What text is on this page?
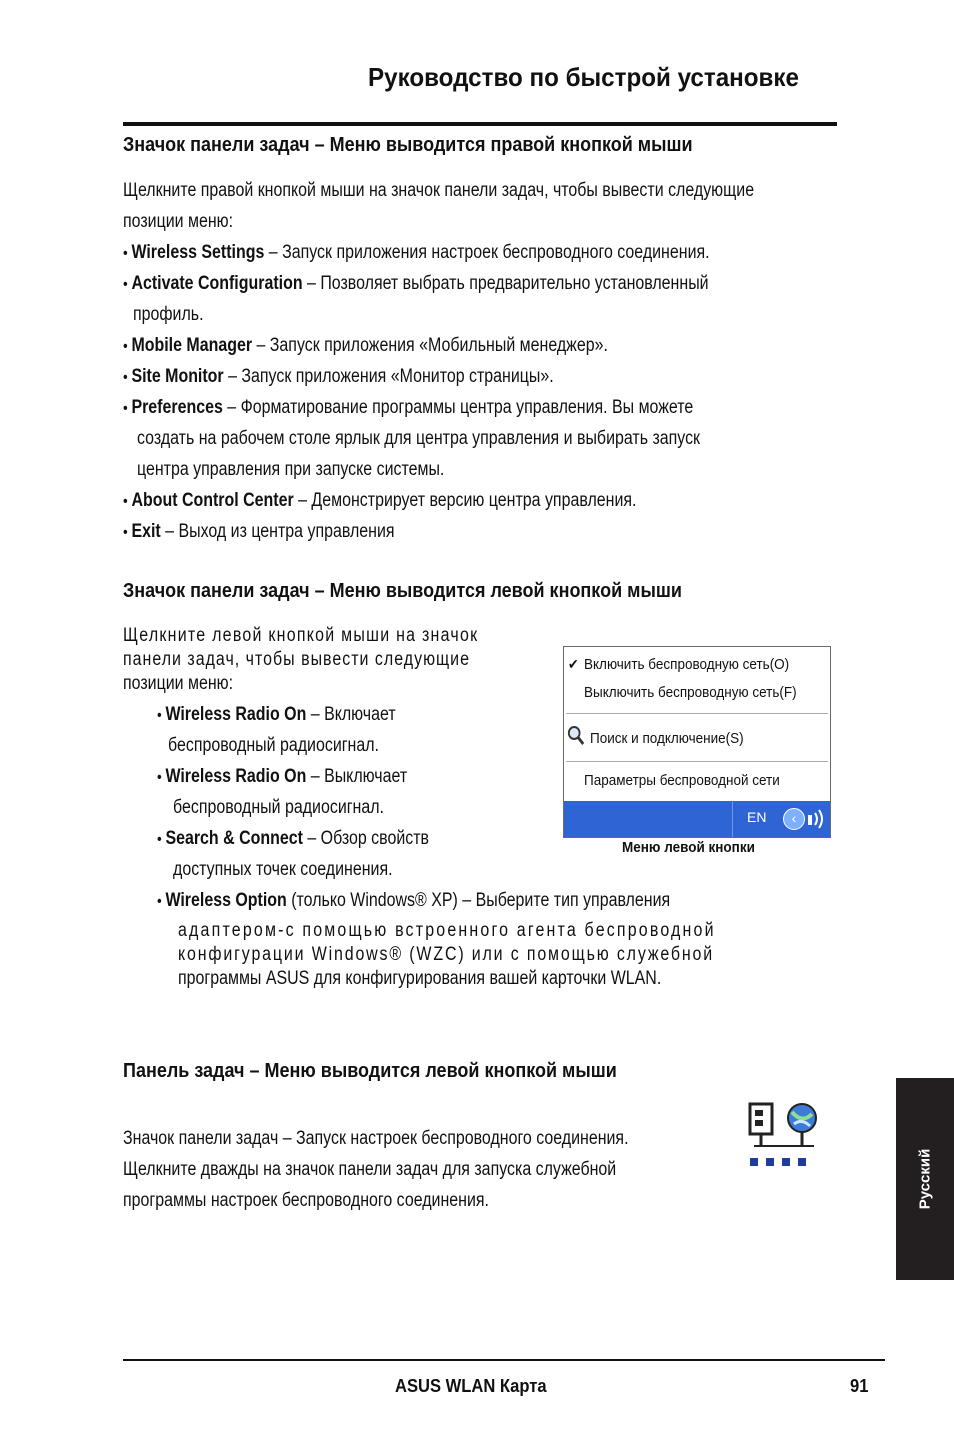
Руководство по быстрой установке
Значок панели задач – Меню выводится правой кнопкой мыши
Щелкните правой кнопкой мыши на значок панели задач, чтобы вывести следующие
позиции меню:
• Wireless Settings – Запуск приложения настроек беспроводного соединения.
• Activate Configuration – Позволяет выбрать предварительно установленный
профиль.
• Mobile Manager – Запуск приложения «Мобильный менеджер».
• Site Monitor – Запуск приложения «Монитор страницы».
• Preferences – Форматирование программы центра управления. Вы можете
создать на рабочем столе ярлык для центра управления и выбирать запуск
центра управления при запуске системы.
• About Control Center – Демонстрирует версию центра управления.
• Exit – Выход из центра управления
Значок панели задач – Меню выводится левой кнопкой мыши
Щелкните левой кнопкой мыши на значок
панели задач, чтобы вывести следующие
позиции меню:
• Wireless Radio On – Включает
беспроводный радиосигнал.
• Wireless Radio On – Выключает
беспроводный радиосигнал.
• Search & Connect – Обзор свойств
доступных точек соединения.
• Wireless Option (только Windows® XP) – Выберите тип управления
адаптером-с помощью встроенного агента беспроводной
конфигурации Windows® (WZC) или с помощью служебной
программы ASUS для конфигурирования вашей карточки WLAN.
✔ Включить беспроводную сеть(O)
Выключить беспроводную сеть(F)
Поиск и подключение(S)
Параметры беспроводной сети
EN	‹
Меню левой кнопки
Панель задач – Меню выводится левой кнопкой мыши
Значок панели задач – Запуск настроек беспроводного соединения.
Щелкните дважды на значок панели задач для запуска служебной
программы настроек беспроводного соединения.	Русский
ASUS WLAN Карта	91
